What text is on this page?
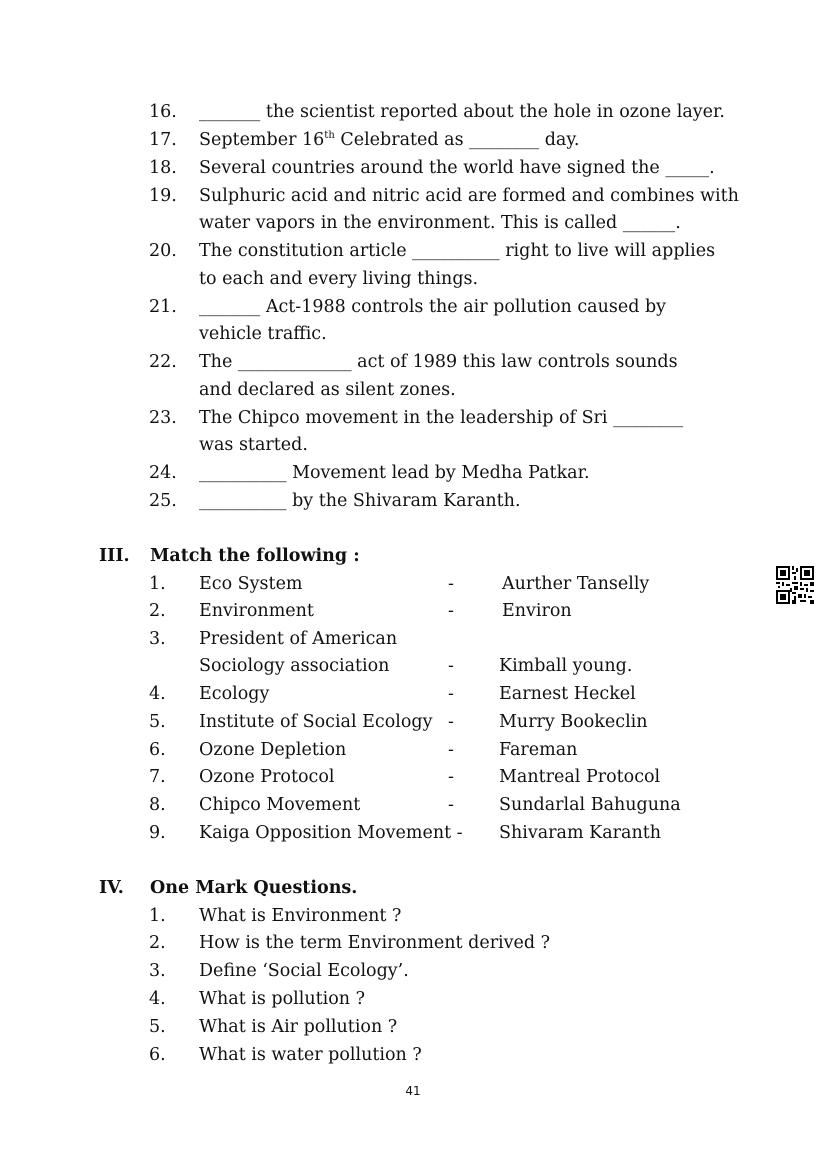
16. _______ the scientist reported about the hole in ozone layer.
17. September 16th Celebrated as ________ day.
18. Several countries around the world have signed the _____.
19. Sulphuric acid and nitric acid are formed and combines with
water vapors in the environment. This is called ______.
20. The constitution article __________ right to live will applies
to each and every living things.
21. _______ Act-1988 controls the air pollution caused by
vehicle traffic.
22. The _____________ act of 1989 this law controls sounds
and declared as silent zones.
23. The Chipco movement in the leadership of Sri ________
was started.
24. __________ Movement lead by Medha Patkar.
25. __________ by the Shivaram Karanth.
III. Match the following :
1. Eco System	-	Aurther Tanselly
2. Environment	-	Environ
3. President of American
Sociology association	-	Kimball young.
4. Ecology	-	Earnest Heckel
5. Institute of Social Ecology -	Murry Bookeclin
6. Ozone Depletion	-	Fareman
7. Ozone Protocol	-	Mantreal Protocol
8. Chipco Movement	-	Sundarlal Bahuguna
9. Kaiga Opposition Movement - Shivaram Karanth
IV. One Mark Questions.
1. What is Environment ?
2. How is the term Environment derived ?
3. Define ‘Social Ecology’.
4. What is pollution ?
5. What is Air pollution ?
6. What is water pollution ?
41
